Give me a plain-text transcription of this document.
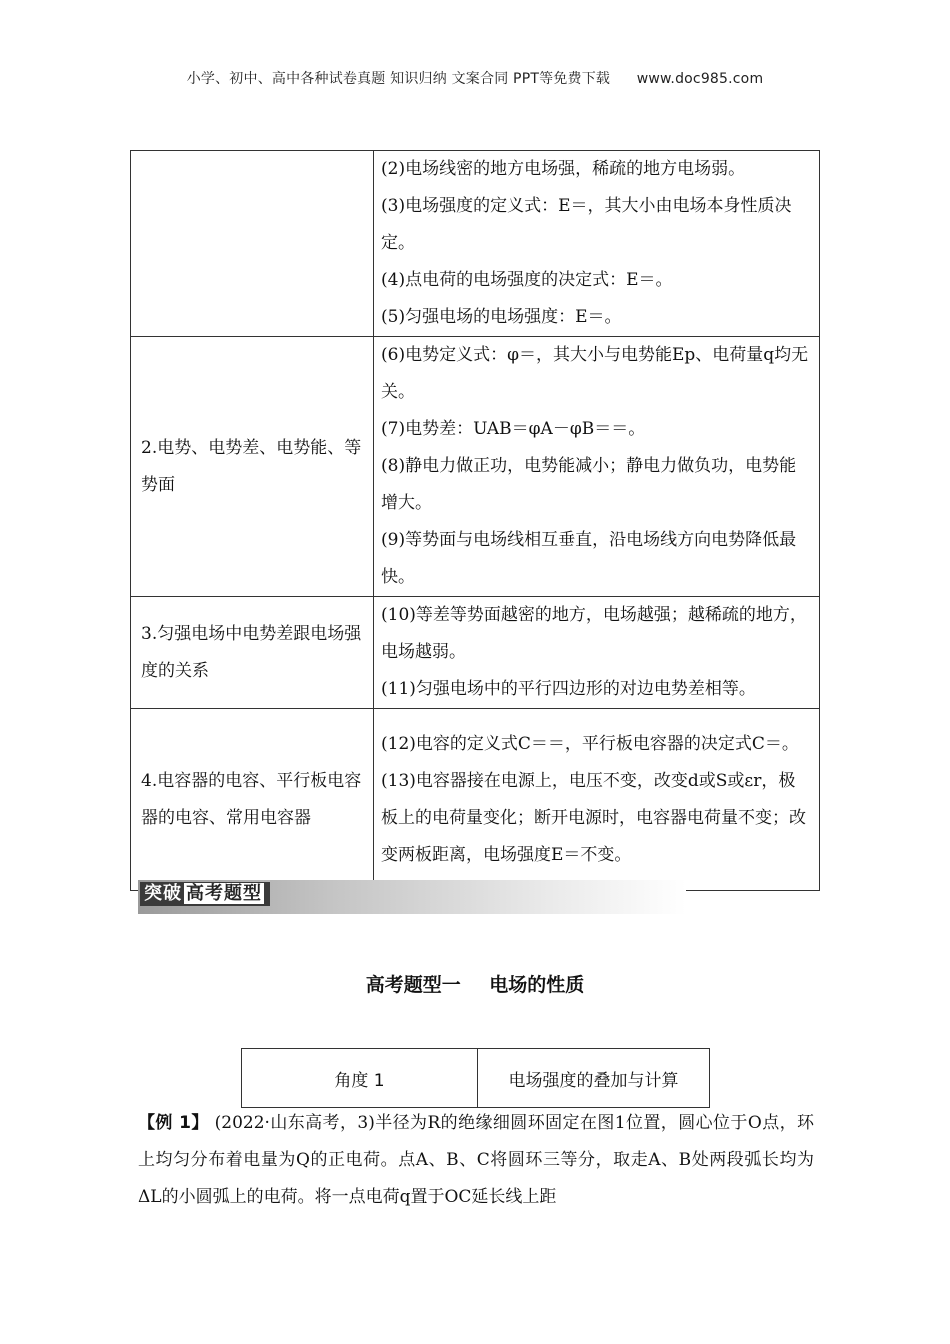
小学、初中、高中各种试卷真题 知识归纳 文案合同 PPT等免费下载 www.doc985.com

	(2)电场线密的地方电场强，稀疏的地方电场弱。

(3)电场强度的定义式：E＝，其大小由电场本身性质决定。

(4)点电荷的电场强度的决定式：E＝。

(5)匀强电场的电场强度：E＝。

2.电势、电势差、电势能、等势面	(6)电势定义式：φ＝，其大小与电势能Ep、电荷量q均无关。

(7)电势差：UAB＝φA－φB＝＝。

(8)静电力做正功，电势能减小；静电力做负功，电势能增大。

(9)等势面与电场线相互垂直，沿电场线方向电势降低最快。

3.匀强电场中电势差跟电场强度的关系	(10)等差等势面越密的地方，电场越强；越稀疏的地方，电场越弱。

(11)匀强电场中的平行四边形的对边电势差相等。

4.电容器的电容、平行板电容器的电容、常用电容器	(12)电容的定义式C＝＝，平行板电容器的决定式C＝。

(13)电容器接在电源上，电压不变，改变d或S或εr，极板上的电荷量变化；断开电源时，电容器电荷量不变；改变两板距离，电场强度E＝不变。

突破 高考题型
高考题型一 电场的性质
角度 1	电场强度的叠加与计算
【例 1】 (2022·山东高考，3)半径为R的绝缘细圆环固定在图1位置，圆心位于O点，环上均匀分布着电量为Q的正电荷。点A、B、C将圆环三等分，取走A、B处两段弧长均为ΔL的小圆弧上的电荷。将一点电荷q置于OC延长线上距
